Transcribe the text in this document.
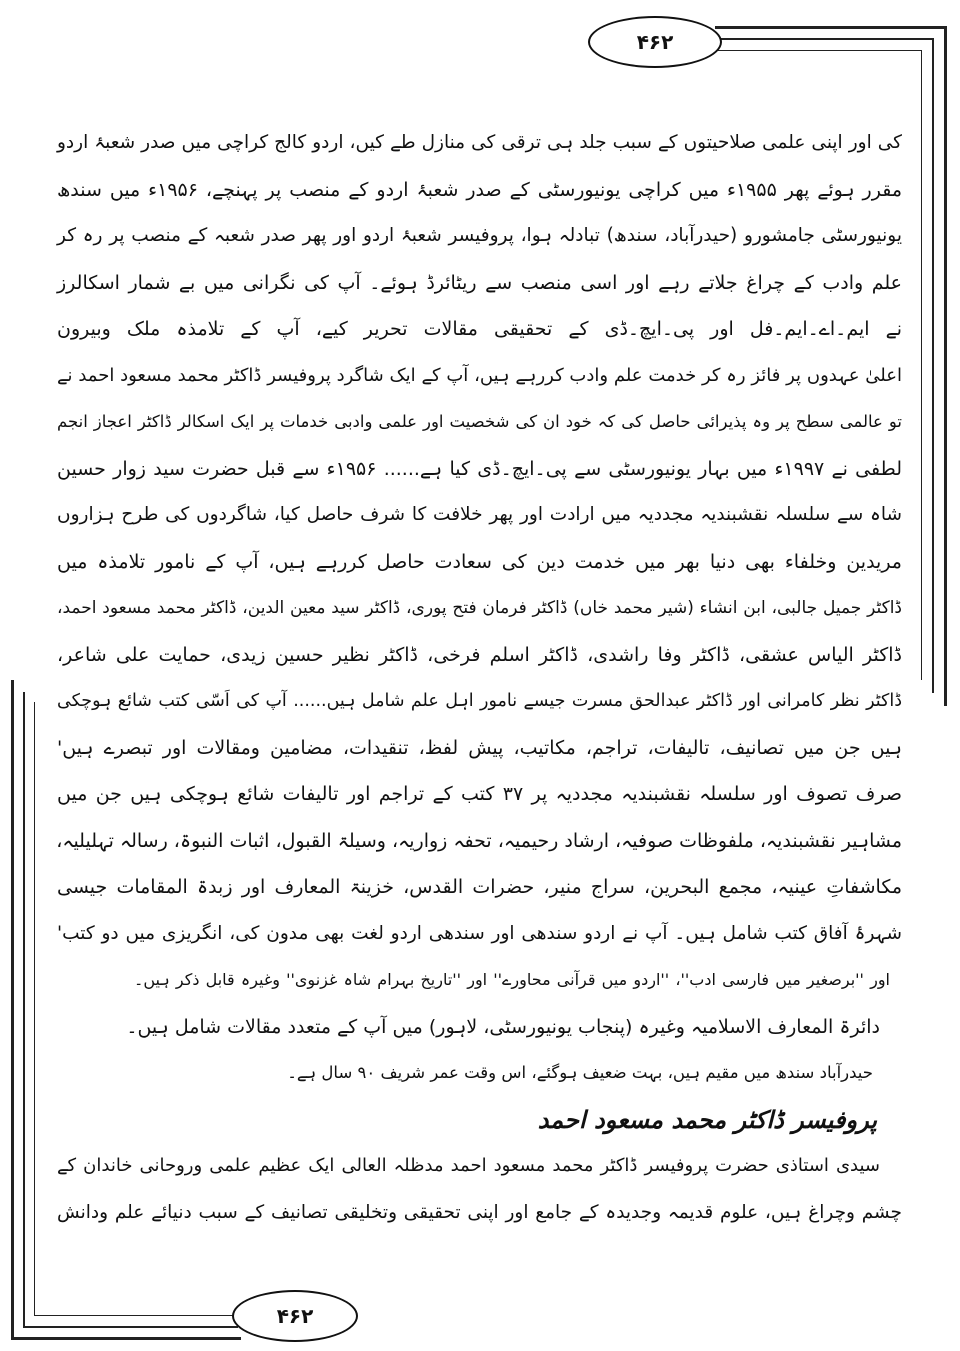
۴۶۲
۴۶۲
کی اور اپنی علمی صلاحیتوں کے سبب جلد ہی ترقی کی منازل طے کیں، اردو کالج کراچی میں صدر شعبۂ اردو
مقرر ہوئے پھر ۱۹۵۵ء میں کراچی یونیورسٹی کے صدر شعبۂ اردو کے منصب پر پہنچے، ۱۹۵۶ء میں سندھ
یونیورسٹی جامشورو (حیدرآباد، سندھ) تبادلہ ہوا، پروفیسر شعبۂ اردو اور پھر صدر شعبہ کے منصب پر رہ کر
علم وادب کے چراغ جلاتے رہے اور اسی منصب سے ریٹائرڈ ہوئے۔ آپ کی نگرانی میں بے شمار اسکالرز
نے ایم۔اے۔ایم۔فل اور پی۔ایچ۔ڈی کے تحقیقی مقالات تحریر کیے، آپ کے تلامذہ ملک وبیرون
اعلیٰ عہدوں پر فائز رہ کر خدمت علم وادب کررہے ہیں، آپ کے ایک شاگرد پروفیسر ڈاکٹر محمد مسعود احمد نے
تو عالمی سطح پر وہ پذیرائی حاصل کی کہ خود ان کی شخصیت اور علمی وادبی خدمات پر ایک اسکالر ڈاکٹر اعجاز انجم
لطفی نے ۱۹۹۷ء میں بہار یونیورسٹی سے پی۔ایچ۔ڈی کیا ہے...... ۱۹۵۶ء سے قبل حضرت سید زوار حسین
شاہ سے سلسلہ نقشبندیہ مجددیہ میں ارادت اور پھر خلافت کا شرف حاصل کیا، شاگردوں کی طرح ہزاروں
مریدین وخلفاء بھی دنیا بھر میں خدمت دین کی سعادت حاصل کررہے ہیں، آپ کے نامور تلامذہ میں
ڈاکٹر جمیل جالبی، ابن انشاء (شیر محمد خاں) ڈاکٹر فرمان فتح پوری، ڈاکٹر سید معین الدین، ڈاکٹر محمد مسعود احمد،
ڈاکٹر الیاس عشقی، ڈاکٹر وفا راشدی، ڈاکٹر اسلم فرخی، ڈاکٹر نظیر حسین زیدی، حمایت علی شاعر،
ڈاکٹر نظر کامرانی اور ڈاکٹر عبدالحق مسرت جیسے نامور اہل علم شامل ہیں...... آپ کی اَسّی کتب شائع ہوچکی
ہیں جن میں تصانیف، تالیفات، تراجم، مکاتیب، پیش لفظ، تنقیدات، مضامین ومقالات اور تبصرے ہیں'
صرف تصوف اور سلسلہ نقشبندیہ مجددیہ پر ۳۷ کتب کے تراجم اور تالیفات شائع ہوچکی ہیں جن میں
مشاہیر نقشبندیہ، ملفوظات صوفیہ، ارشاد رحیمیہ، تحفہ زواریہ، وسیلۃ القبول، اثبات النبوۃ، رسالہ تہلیلیہ،
مکاشفاتِ عینیہ، مجمع البحرین، سراج منیر، حضرات القدس، خزینۃ المعارف اور زبدۃ المقامات جیسی
شہرۂ آفاق کتب شامل ہیں۔ آپ نے اردو سندھی اور سندھی اردو لغت بھی مدون کی، انگریزی میں دو کتب'
اور ''برصغیر میں فارسی ادب''، ''اردو میں قرآنی محاورے'' اور ''تاریخ بہرام شاہ غزنوی'' وغیرہ قابل ذکر ہیں۔
دائرۃ المعارف الاسلامیہ وغیرہ (پنجاب یونیورسٹی، لاہور) میں آپ کے متعدد مقالات شامل ہیں۔
حیدرآباد سندھ میں مقیم ہیں، بہت ضعیف ہوگئے، اس وقت عمر شریف ۹۰ سال ہے۔
پروفیسر ڈاکٹر محمد مسعود احمد
سیدی استاذی حضرت پروفیسر ڈاکٹر محمد مسعود احمد مدظلہ العالی ایک عظیم علمی وروحانی خاندان کے
چشم وچراغ ہیں، علوم قدیمہ وجدیدہ کے جامع اور اپنی تحقیقی وتخلیقی تصانیف کے سبب دنیائے علم ودانش
